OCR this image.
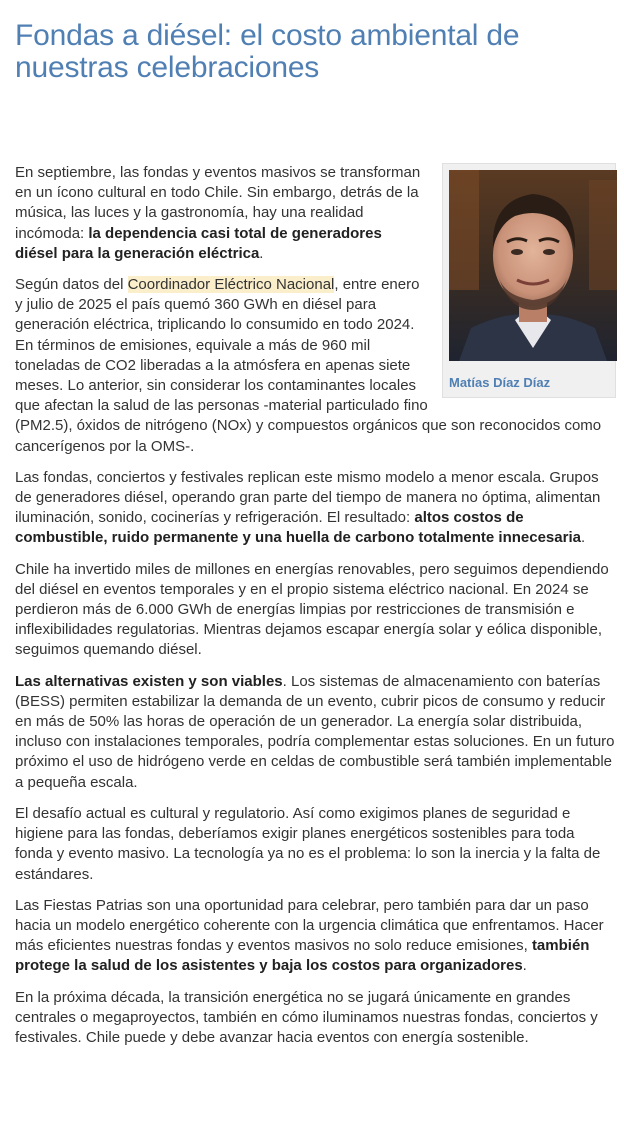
Fondas a diésel: el costo ambiental de nuestras celebraciones
Matías Díaz Díaz

En septiembre, las fondas y eventos masivos se transforman en un ícono cultural en todo Chile. Sin embargo, detrás de la música, las luces y la gastronomía, hay una realidad incómoda: la dependencia casi total de generadores diésel para la generación eléctrica.

Según datos del Coordinador Eléctrico Nacional, entre enero y julio de 2025 el país quemó 360 GWh en diésel para generación eléctrica, triplicando lo consumido en todo 2024. En términos de emisiones, equivale a más de 960 mil toneladas de CO2 liberadas a la atmósfera en apenas siete meses. Lo anterior, sin considerar los contaminantes locales que afectan la salud de las personas -material particulado fino (PM2.5), óxidos de nitrógeno (NOx) y compuestos orgánicos que son reconocidos como cancerígenos por la OMS-.

Las fondas, conciertos y festivales replican este mismo modelo a menor escala. Grupos de generadores diésel, operando gran parte del tiempo de manera no óptima, alimentan iluminación, sonido, cocinerías y refrigeración. El resultado: altos costos de combustible, ruido permanente y una huella de carbono totalmente innecesaria.

Chile ha invertido miles de millones en energías renovables, pero seguimos dependiendo del diésel en eventos temporales y en el propio sistema eléctrico nacional. En 2024 se perdieron más de 6.000 GWh de energías limpias por restricciones de transmisión e inflexibilidades regulatorias. Mientras dejamos escapar energía solar y eólica disponible, seguimos quemando diésel.

Las alternativas existen y son viables. Los sistemas de almacenamiento con baterías (BESS) permiten estabilizar la demanda de un evento, cubrir picos de consumo y reducir en más de 50% las horas de operación de un generador. La energía solar distribuida, incluso con instalaciones temporales, podría complementar estas soluciones. En un futuro próximo el uso de hidrógeno verde en celdas de combustible será también implementable a pequeña escala.

El desafío actual es cultural y regulatorio. Así como exigimos planes de seguridad e higiene para las fondas, deberíamos exigir planes energéticos sostenibles para toda fonda y evento masivo. La tecnología ya no es el problema: lo son la inercia y la falta de estándares.

Las Fiestas Patrias son una oportunidad para celebrar, pero también para dar un paso hacia un modelo energético coherente con la urgencia climática que enfrentamos. Hacer más eficientes nuestras fondas y eventos masivos no solo reduce emisiones, también protege la salud de los asistentes y baja los costos para organizadores.

En la próxima década, la transición energética no se jugará únicamente en grandes centrales o megaproyectos, también en cómo iluminamos nuestras fondas, conciertos y festivales. Chile puede y debe avanzar hacia eventos con energía sostenible.
